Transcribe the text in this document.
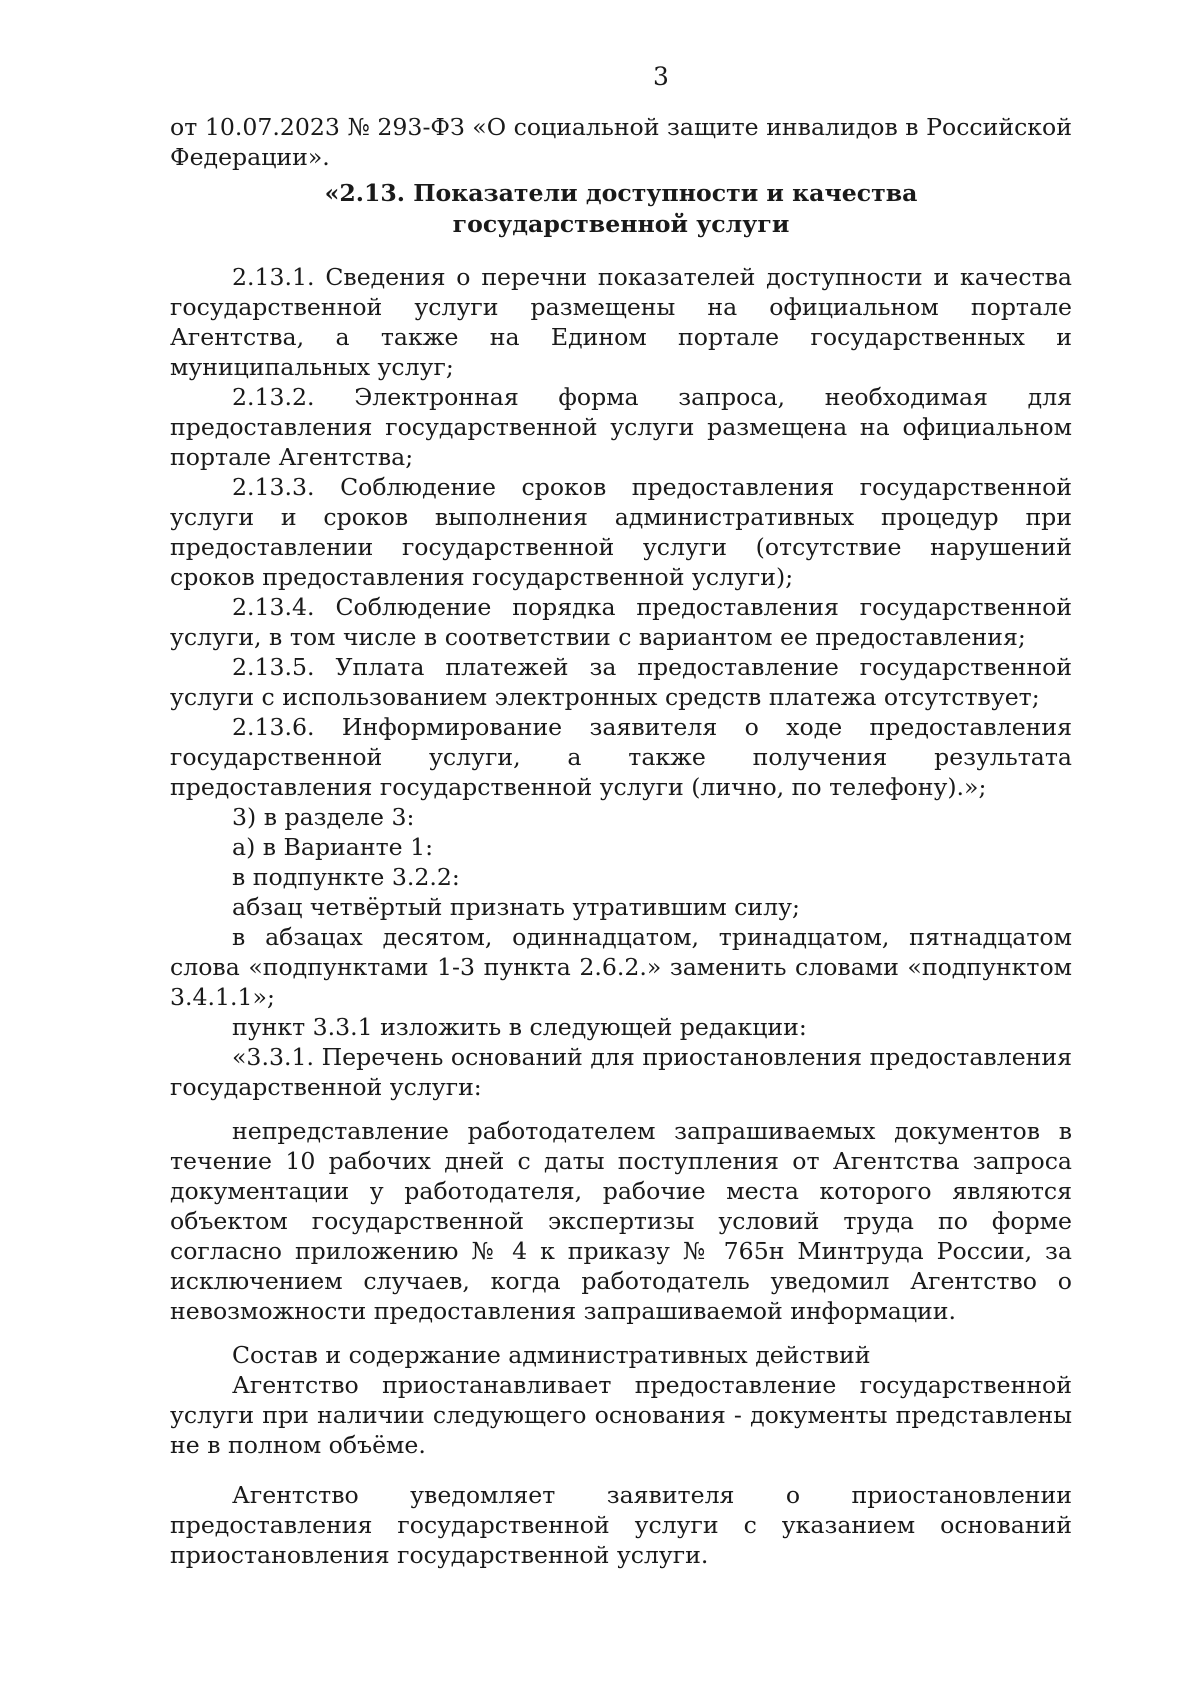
3

от 10.07.2023 № 293-ФЗ «О социальной защите инвалидов в Российской Федерации».

«2.13. Показатели доступности и качества
государственной услуги

2.13.1. Сведения о перечни показателей доступности и качества государственной услуги размещены на официальном портале Агентства, а также на Едином портале государственных и муниципальных услуг;

2.13.2. Электронная форма запроса, необходимая для предоставления государственной услуги размещена на официальном портале Агентства;

2.13.3. Соблюдение сроков предоставления государственной услуги и сроков выполнения административных процедур при предоставлении государственной услуги (отсутствие нарушений сроков предоставления государственной услуги);

2.13.4. Соблюдение порядка предоставления государственной услуги, в том числе в соответствии с вариантом ее предоставления;

2.13.5. Уплата платежей за предоставление государственной услуги с использованием электронных средств платежа отсутствует;

2.13.6. Информирование заявителя о ходе предоставления государственной услуги, а также получения результата предоставления государственной услуги (лично, по телефону).»;

3) в разделе 3:

а) в Варианте 1:

в подпункте 3.2.2:

абзац четвёртый признать утратившим силу;

в абзацах десятом, одиннадцатом, тринадцатом, пятнадцатом слова «подпунктами 1-3 пункта 2.6.2.» заменить словами «подпунктом 3.4.1.1»;

пункт 3.3.1 изложить в следующей редакции:

«3.3.1. Перечень оснований для приостановления предоставления государственной услуги:

непредставление работодателем запрашиваемых документов в течение 10 рабочих дней с даты поступления от Агентства запроса документации у работодателя, рабочие места которого являются объектом государственной экспертизы условий труда по форме согласно приложению № 4 к приказу № 765н Минтруда России, за исключением случаев, когда работодатель уведомил Агентство о невозможности предоставления запрашиваемой информации.

Состав и содержание административных действий

Агентство приостанавливает предоставление государственной услуги при наличии следующего основания - документы представлены не в полном объёме.

Агентство уведомляет заявителя о приостановлении предоставления государственной услуги с указанием оснований приостановления государственной услуги.
